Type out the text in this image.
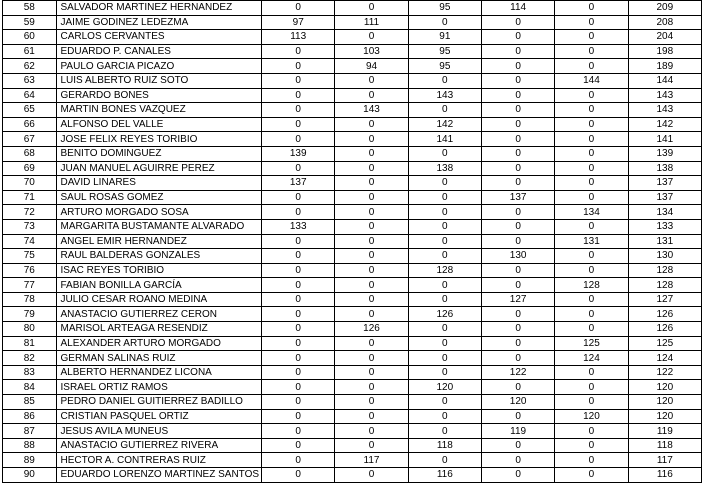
58	SALVADOR MARTINEZ HERNANDEZ	0	0	95	114	0	209
59	JAIME GODINEZ LEDEZMA	97	111	0	0	0	208
60	CARLOS CERVANTES	113	0	91	0	0	204
61	EDUARDO P. CANALES	0	103	95	0	0	198
62	PAULO GARCIA PICAZO	0	94	95	0	0	189
63	LUIS ALBERTO RUIZ SOTO	0	0	0	0	144	144
64	GERARDO BONES	0	0	143	0	0	143
65	MARTIN BONES VAZQUEZ	0	143	0	0	0	143
66	ALFONSO DEL VALLE	0	0	142	0	0	142
67	JOSE FELIX REYES TORIBIO	0	0	141	0	0	141
68	BENITO DOMINGUEZ	139	0	0	0	0	139
69	JUAN MANUEL AGUIRRE PEREZ	0	0	138	0	0	138
70	DAVID LINARES	137	0	0	0	0	137
71	SAUL ROSAS GOMEZ	0	0	0	137	0	137
72	ARTURO MORGADO SOSA	0	0	0	0	134	134
73	MARGARITA BUSTAMANTE ALVARADO	133	0	0	0	0	133
74	ANGEL EMIR HERNANDEZ	0	0	0	0	131	131
75	RAUL BALDERAS GONZALES	0	0	0	130	0	130
76	ISAC REYES TORIBIO	0	0	128	0	0	128
77	FABIAN BONILLA GARCÍA	0	0	0	0	128	128
78	JULIO CESAR ROANO MEDINA	0	0	0	127	0	127
79	ANASTACIO GUTIERREZ CERON	0	0	126	0	0	126
80	MARISOL ARTEAGA RESENDIZ	0	126	0	0	0	126
81	ALEXANDER ARTURO MORGADO	0	0	0	0	125	125
82	GERMAN SALINAS RUIZ	0	0	0	0	124	124
83	ALBERTO HERNANDEZ LICONA	0	0	0	122	0	122
84	ISRAEL ORTIZ RAMOS	0	0	120	0	0	120
85	PEDRO DANIEL GUITIERREZ BADILLO	0	0	0	120	0	120
86	CRISTIAN PASQUEL ORTIZ	0	0	0	0	120	120
87	JESUS AVILA MUNEUS	0	0	0	119	0	119
88	ANASTACIO GUTIERREZ RIVERA	0	0	118	0	0	118
89	HECTOR A. CONTRERAS RUIZ	0	117	0	0	0	117
90	EDUARDO LORENZO MARTINEZ SANTOS	0	0	116	0	0	116
